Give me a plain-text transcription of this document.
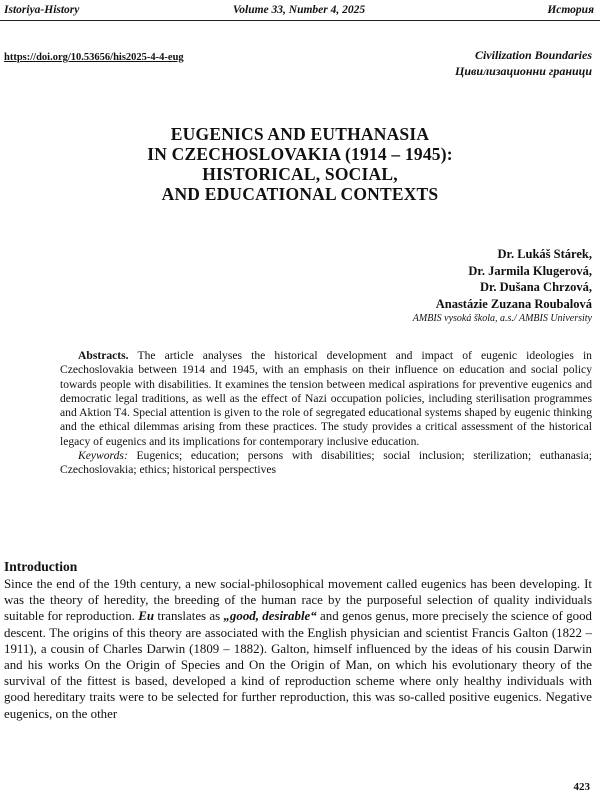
Istoriya-History	Volume 33, Number 4, 2025	История
https://doi.org/10.53656/his2025-4-4-eug	Civilization Boundaries
Цивилизационни граници
EUGENICS AND EUTHANASIA
IN CZECHOSLOVAKIA (1914 – 1945):
HISTORICAL, SOCIAL,
AND EDUCATIONAL CONTEXTS
Dr. Lukáš Stárek,
Dr. Jarmila Klugerová,
Dr. Dušana Chrzová,
Anastázie Zuzana Roubalová
AMBIS vysoká škola, a.s./ AMBIS University

Abstracts. The article analyses the historical development and impact of eugenic ideologies in Czechoslovakia between 1914 and 1945, with an emphasis on their influence on education and social policy towards people with disabilities. It examines the tension between medical aspirations for preventive eugenics and democratic legal traditions, as well as the effect of Nazi occupation policies, including sterilisation programmes and Aktion T4. Special attention is given to the role of segregated educational systems shaped by eugenic thinking and the ethical dilemmas arising from these practices. The study provides a critical assessment of the historical legacy of eugenics and its implications for contemporary inclusive education.

Keywords: Eugenics; education; persons with disabilities; social inclusion; sterilization; euthanasia; Czechoslovakia; ethics; historical perspectives

Introduction

Since the end of the 19th century, a new social-philosophical movement called eugenics has been developing. It was the theory of heredity, the breeding of the human race by the purposeful selection of quality individuals suitable for reproduction. Eu translates as „good, desirable“ and genos genus, more precisely the science of good descent. The origins of this theory are associated with the English physician and scientist Francis Galton (1822 – 1911), a cousin of Charles Darwin (1809 – 1882). Galton, himself influenced by the ideas of his cousin Darwin and his works On the Origin of Species and On the Origin of Man, on which his evolutionary theory of the survival of the fittest is based, developed a kind of reproduction scheme where only healthy individuals with good hereditary traits were to be selected for further reproduction, this was so-called positive eugenics. Negative eugenics, on the other

423
